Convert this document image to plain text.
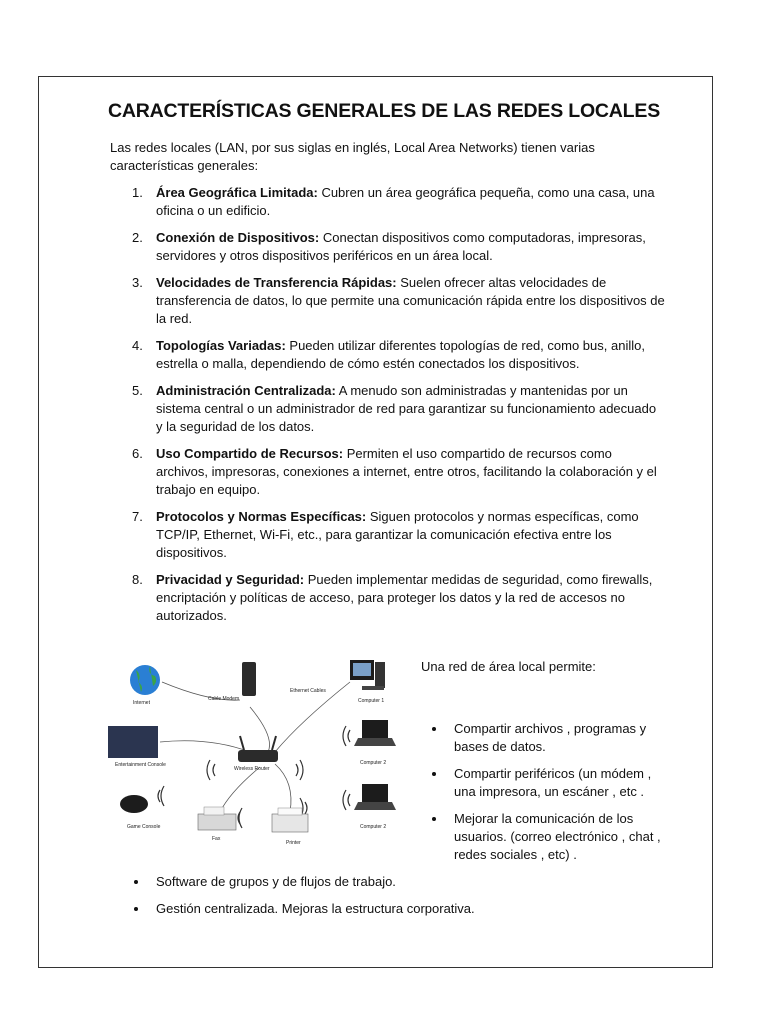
CARACTERÍSTICAS GENERALES DE LAS REDES LOCALES

Las redes locales (LAN, por sus siglas en inglés, Local Area Networks) tienen varias características generales:

1. Área Geográfica Limitada: Cubren un área geográfica pequeña, como una casa, una oficina o un edificio.
2. Conexión de Dispositivos: Conectan dispositivos como computadoras, impresoras, servidores y otros dispositivos periféricos en un área local.
3. Velocidades de Transferencia Rápidas: Suelen ofrecer altas velocidades de transferencia de datos, lo que permite una comunicación rápida entre los dispositivos de la red.
4. Topologías Variadas: Pueden utilizar diferentes topologías de red, como bus, anillo, estrella o malla, dependiendo de cómo estén conectados los dispositivos.
5. Administración Centralizada: A menudo son administradas y mantenidas por un sistema central o un administrador de red para garantizar su funcionamiento adecuado y la seguridad de los datos.
6. Uso Compartido de Recursos: Permiten el uso compartido de recursos como archivos, impresoras, conexiones a internet, entre otros, facilitando la colaboración y el trabajo en equipo.
7. Protocolos y Normas Específicas: Siguen protocolos y normas específicas, como TCP/IP, Ethernet, Wi-Fi, etc., para garantizar la comunicación efectiva entre los dispositivos.
8. Privacidad y Seguridad: Pueden implementar medidas de seguridad, como firewalls, encriptación y políticas de acceso, para proteger los datos y la red de accesos no autorizados.
Internet
Cable Modem
Ethernet Cables
Computer 1
Entertainment Console
Wireless Router
Computer 2
Computer 2
Game Console
Fax
Printer

Una red de área local permite:

Compartir archivos , programas y bases de datos.
Compartir periféricos (un módem , una impresora, un escáner , etc .
Mejorar la comunicación de los usuarios. (correo electrónico , chat , redes sociales , etc) .
Software de grupos y de flujos de trabajo.
Gestión centralizada. Mejoras la estructura corporativa.
